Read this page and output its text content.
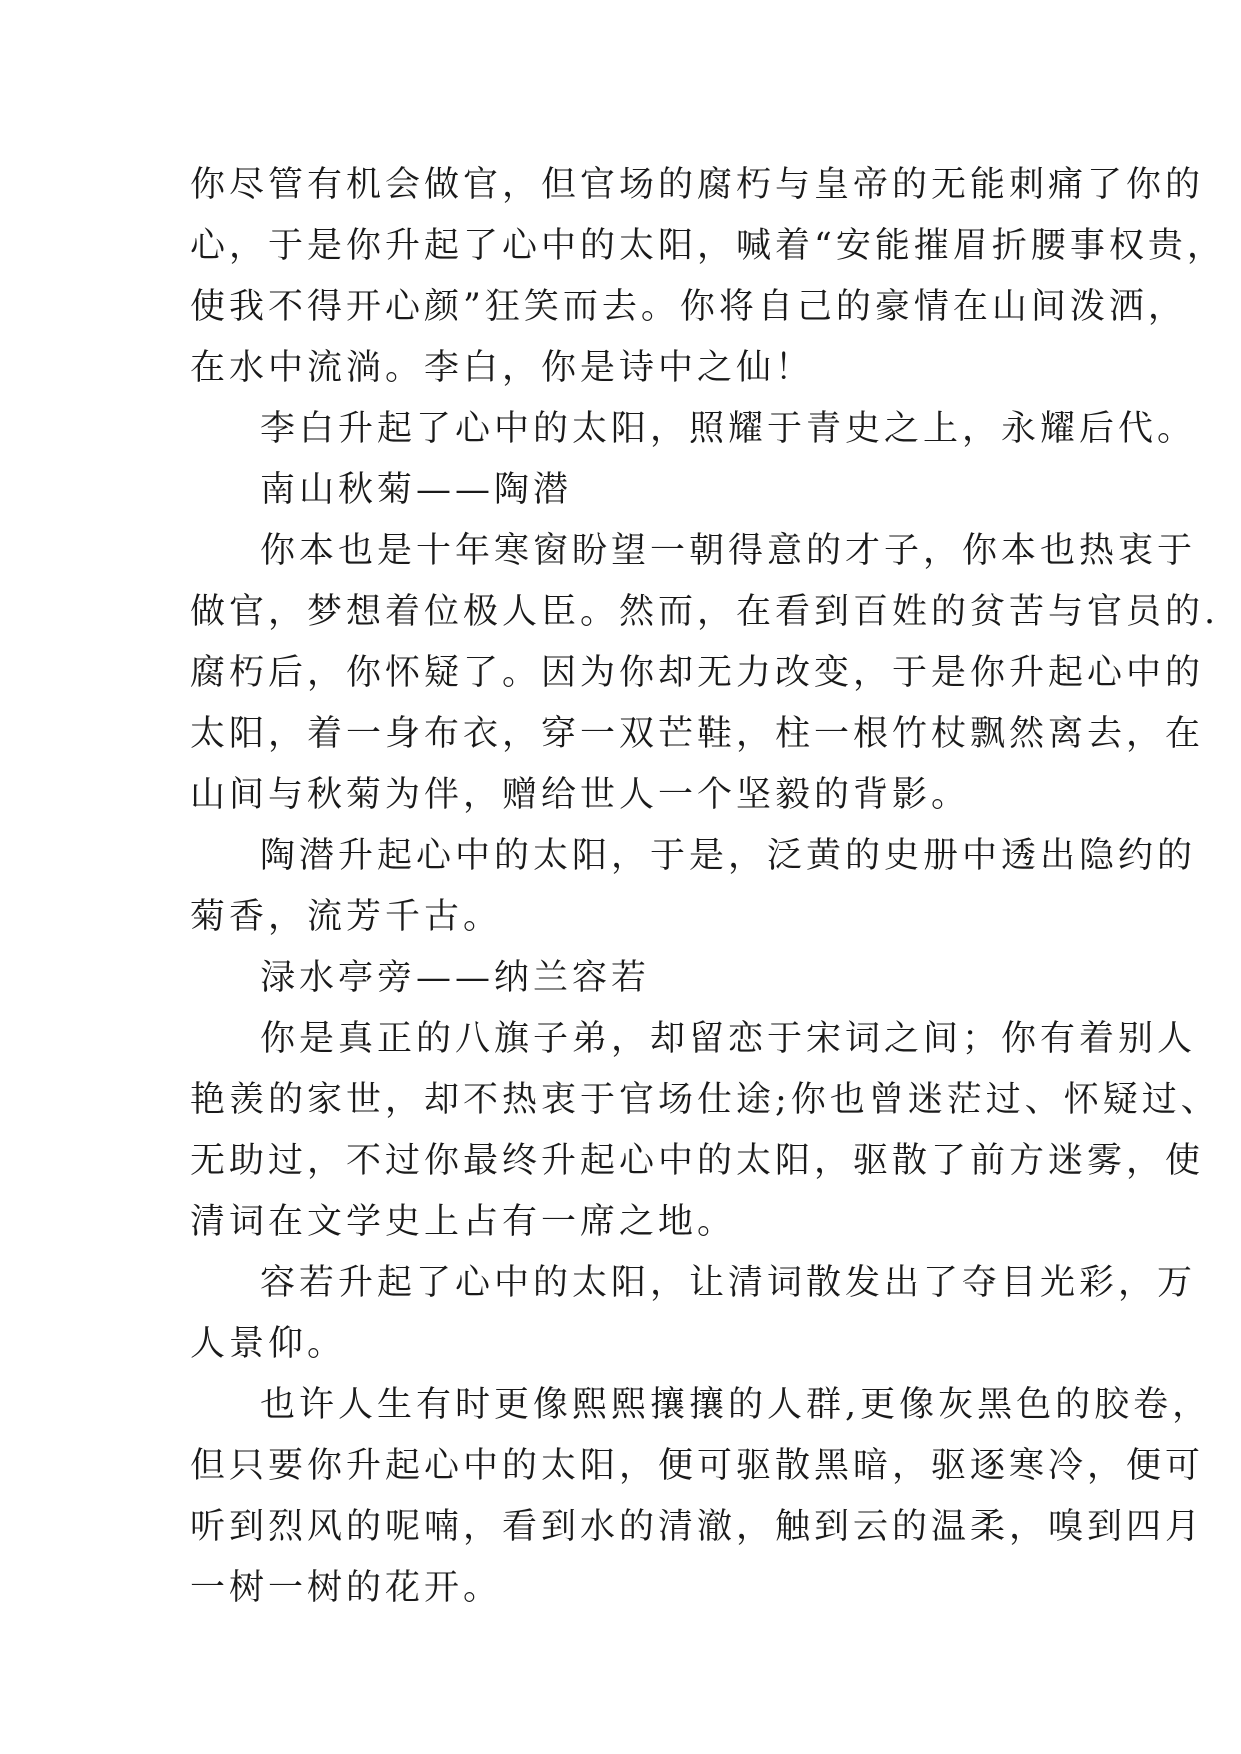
你尽管有机会做官，但官场的腐朽与皇帝的无能刺痛了你的
心，于是你升起了心中的太阳，喊着“安能摧眉折腰事权贵，
使我不得开心颜”狂笑而去。你将自己的豪情在山间泼洒，
在水中流淌。李白，你是诗中之仙！
李白升起了心中的太阳，照耀于青史之上，永耀后代。
南山秋菊——陶潜
你本也是十年寒窗盼望一朝得意的才子，你本也热衷于
做官，梦想着位极人臣。然而，在看到百姓的贫苦与官员的.
腐朽后，你怀疑了。因为你却无力改变，于是你升起心中的
太阳，着一身布衣，穿一双芒鞋，柱一根竹杖飘然离去，在
山间与秋菊为伴，赠给世人一个坚毅的背影。
陶潜升起心中的太阳，于是，泛黄的史册中透出隐约的
菊香，流芳千古。
渌水亭旁——纳兰容若
你是真正的八旗子弟，却留恋于宋词之间；你有着别人
艳羡的家世，却不热衷于官场仕途;你也曾迷茫过、怀疑过、
无助过，不过你最终升起心中的太阳，驱散了前方迷雾，使
清词在文学史上占有一席之地。
容若升起了心中的太阳，让清词散发出了夺目光彩，万
人景仰。
也许人生有时更像熙熙攘攘的人群,更像灰黑色的胶卷，
但只要你升起心中的太阳，便可驱散黑暗，驱逐寒冷，便可
听到烈风的呢喃，看到水的清澈，触到云的温柔，嗅到四月
一树一树的花开。
